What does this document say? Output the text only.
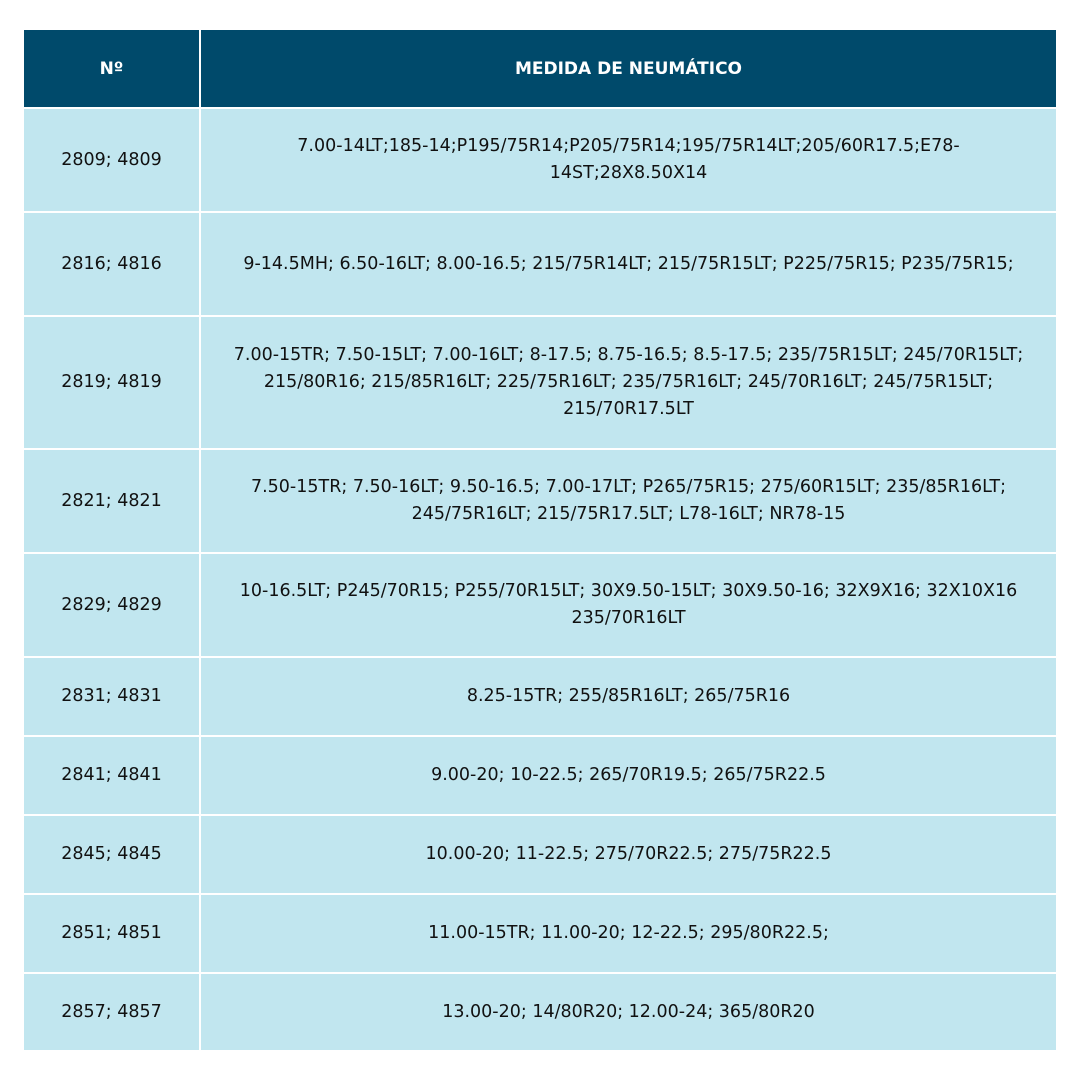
Nº	MEDIDA DE NEUMÁTICO
2809; 4809	7.00-14LT;185-14;P195/75R14;P205/75R14;195/75R14LT;205/60R17.5;E78-
14ST;28X8.50X14
2816; 4816	9-14.5MH; 6.50-16LT; 8.00-16.5; 215/75R14LT; 215/75R15LT; P225/75R15; P235/75R15;
2819; 4819	7.00-15TR; 7.50-15LT; 7.00-16LT; 8-17.5; 8.75-16.5; 8.5-17.5; 235/75R15LT; 245/70R15LT; 215/80R16; 215/85R16LT; 225/75R16LT; 235/75R16LT; 245/70R16LT; 245/75R15LT; 215/70R17.5LT
2821; 4821	7.50-15TR; 7.50-16LT; 9.50-16.5; 7.00-17LT; P265/75R15; 275/60R15LT; 235/85R16LT; 245/75R16LT; 215/75R17.5LT; L78-16LT; NR78-15
2829; 4829	10-16.5LT; P245/70R15; P255/70R15LT; 30X9.50-15LT; 30X9.50-16; 32X9X16; 32X10X16 235/70R16LT
2831; 4831	8.25-15TR; 255/85R16LT; 265/75R16
2841; 4841	9.00-20; 10-22.5; 265/70R19.5; 265/75R22.5
2845; 4845	10.00-20; 11-22.5; 275/70R22.5; 275/75R22.5
2851; 4851	11.00-15TR; 11.00-20; 12-22.5; 295/80R22.5;
2857; 4857	13.00-20; 14/80R20; 12.00-24; 365/80R20
